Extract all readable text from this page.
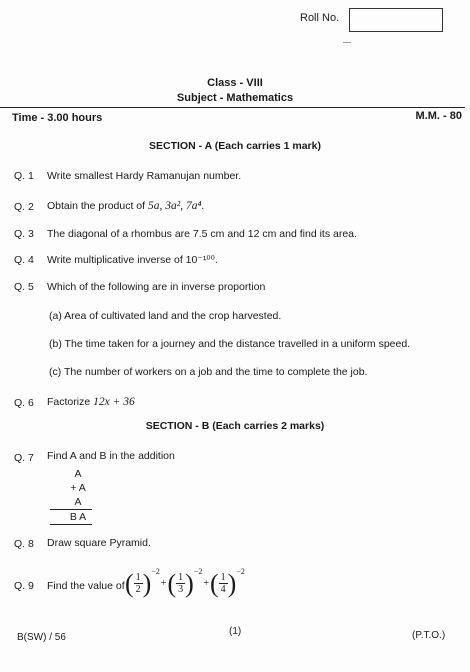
Roll No.
Class - VIII
Subject - Mathematics
Time - 3.00 hours	M.M. - 80
SECTION - A (Each carries 1 mark)
Q. 1 Write smallest Hardy Ramanujan number.
Q. 2 Obtain the product of 5a, 3a², 7a⁴.
Q. 3 The diagonal of a rhombus are 7.5 cm and 12 cm and find its area.
Q. 4 Write multiplicative inverse of 10⁻¹⁰⁰.
Q. 5 Which of the following are in inverse proportion
(a) Area of cultivated land and the crop harvested.
(b) The time taken for a journey and the distance travelled in a uniform speed.
(c) The number of workers on a job and the time to complete the job.
Q. 6 Factorize 12x + 36
SECTION - B (Each carries 2 marks)
Q. 7 Find A and B in the addition
A
+ A
A
B A
Q. 8 Draw square Pyramid.
Q. 9 Find the value of ( $\frac{1}{2} )^{-2}+( \frac{1}{3} )^{-2}+( \frac{1}{4} )^{-2}$
B(SW) / 56
(1)	(P.T.O.)
